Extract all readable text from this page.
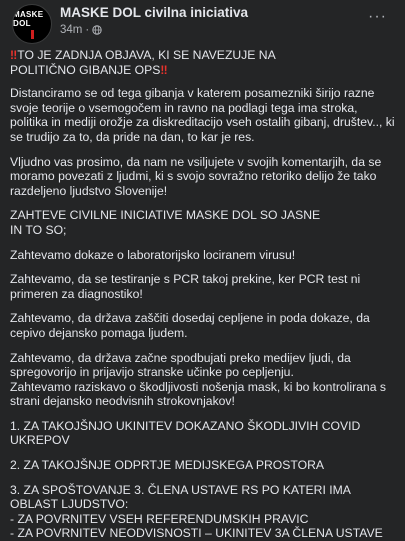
MASKE DOL
MASKE DOL civilna iniciativa
34m ·
···

‼TO JE ZADNJA OBJAVA, KI SE NAVEZUJE NA

POLITIČNO GIBANJE OPS‼

Distanciramo se od tega gibanja v katerem posamezniki širijo razne svoje teorije o vsemogočem in ravno na podlagi tega ima stroka, politika in mediji orožje za diskreditacijo vseh ostalih gibanj, društev.., ki se trudijo za to, da pride na dan, to kar je res.

Vljudno vas prosimo, da nam ne vsiljujete v svojih komentarjih, da se moramo povezati z ljudmi, ki s svojo sovražno retoriko delijo že tako razdeljeno ljudstvo Slovenije!

ZAHTEVE CIVILNE INICIATIVE MASKE DOL SO JASNE

IN TO SO;

Zahtevamo dokaze o laboratorijsko lociranem virusu!

Zahtevamo, da se testiranje s PCR takoj prekine, ker PCR test ni primeren za diagnostiko!

Zahtevamo, da država zaščiti dosedaj cepljene in poda dokaze, da cepivo dejansko pomaga ljudem.

Zahtevamo, da država začne spodbujati preko medijev ljudi, da spregovorijo in prijavijo stranske učinke po cepljenju.

Zahtevamo raziskavo o škodljivosti nošenja mask, ki bo kontrolirana s strani dejansko neodvisnih strokovnjakov!

1. ZA TAKOJŠNJO UKINITEV DOKAZANO ŠKODLJIVIH COVID UKREPOV

2. ZA TAKOJŠNJE ODPRTJE MEDIJSKEGA PROSTORA

3. ZA SPOŠTOVANJE 3. ČLENA USTAVE RS PO KATERI IMA OBLAST LJUDSTVO:

- ZA POVRNITEV VSEH REFERENDUMSKIH PRAVIC

- ZA POVRNITEV NEODVISNOSTI – UKINITEV 3A ČLENA USTAVE
